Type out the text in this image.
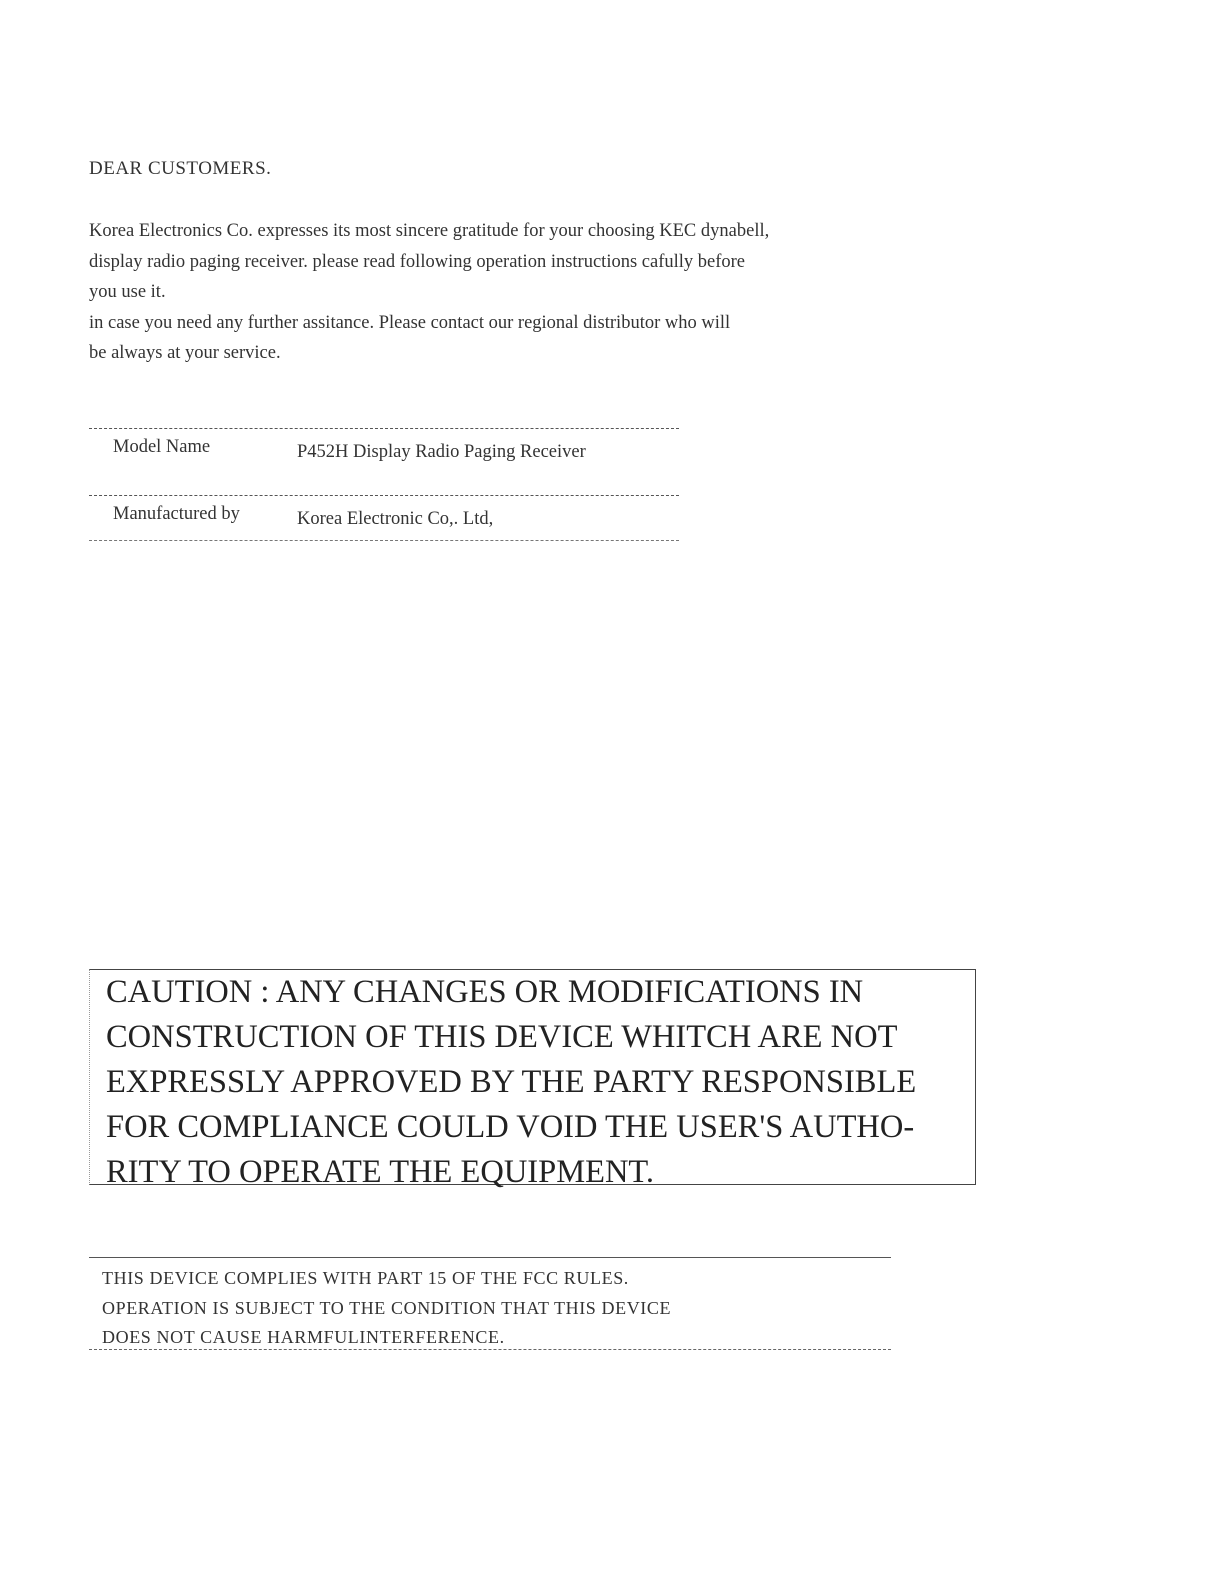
DEAR CUSTOMERS.

Korea Electronics Co. expresses its most sincere gratitude for your choosing KEC dynabell,

display radio paging receiver. please read following operation instructions cafully before

you use it.

in case you need any further assitance. Please contact our regional distributor who will

be always at your service.

Model Name	P452H Display Radio Paging Receiver
Manufactured by	Korea Electronic Co,. Ltd,
CAUTION : ANY CHANGES OR MODIFICATIONS IN
CONSTRUCTION OF THIS DEVICE WHITCH ARE NOT
EXPRESSLY APPROVED BY THE PARTY RESPONSIBLE
FOR COMPLIANCE COULD VOID THE USER'S AUTHO-
RITY TO OPERATE THE EQUIPMENT.
THIS DEVICE COMPLIES WITH PART 15 OF THE FCC RULES.
OPERATION IS SUBJECT TO THE CONDITION THAT THIS DEVICE
DOES NOT CAUSE HARMFULINTERFERENCE.
